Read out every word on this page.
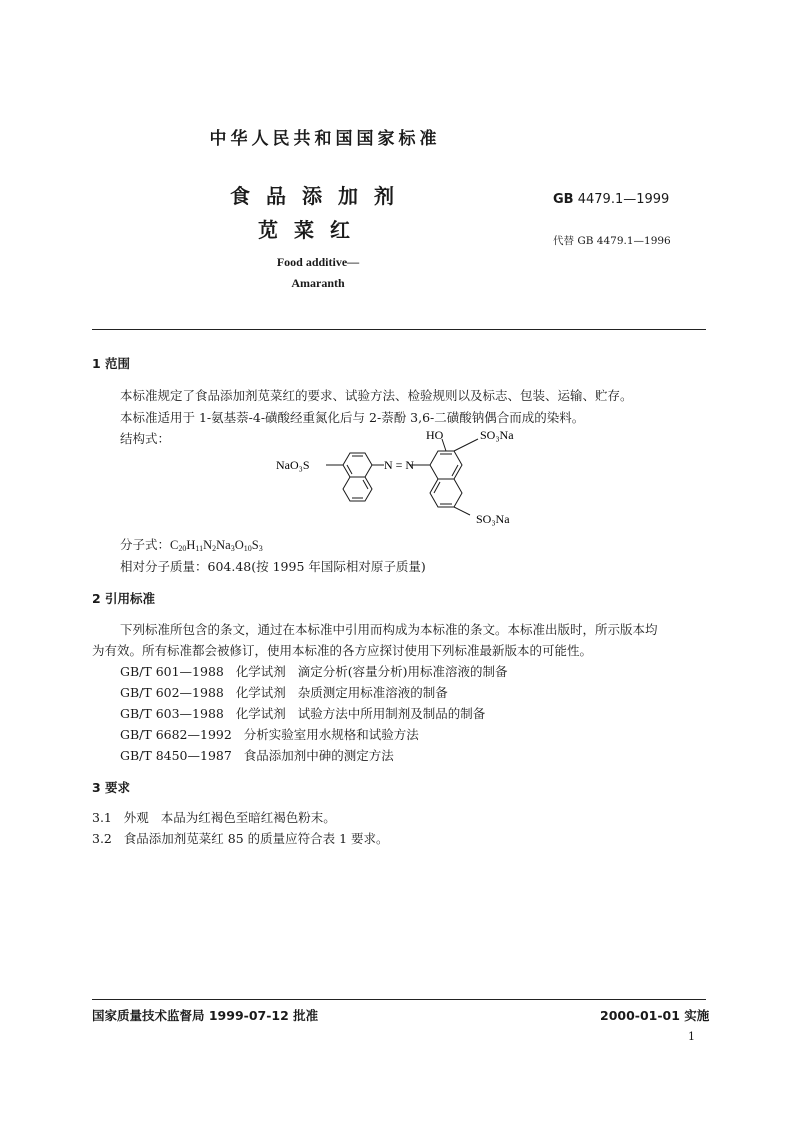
中华人民共和国国家标准
食品添加剂
苋菜红
Food additive—
Amaranth
GB 4479.1—1999
代替 GB 4479.1—1996
1 范围
本标准规定了食品添加剂苋菜红的要求、试验方法、检验规则以及标志、包装、运输、贮存。
本标准适用于 1-氨基萘-4-磺酸经重氮化后与 2-萘酚 3,6-二磺酸钠偶合而成的染料。
结构式：
NaO₃S	N = N
HO	SO₃Na
SO₃Na
分子式：$C_{20}H_{11}N_2Na_3O_{10}S_3$
相对分子质量：604.48(按 1995 年国际相对原子质量)
2 引用标准
下列标准所包含的条文，通过在本标准中引用而构成为本标准的条文。本标准出版时，所示版本均
为有效。所有标准都会被修订，使用本标准的各方应探讨使用下列标准最新版本的可能性。
GB/T 601—1988   化学试剂   滴定分析(容量分析)用标准溶液的制备
GB/T 602—1988   化学试剂   杂质测定用标准溶液的制备
GB/T 603—1988   化学试剂   试验方法中所用制剂及制品的制备
GB/T 6682—1992   分析实验室用水规格和试验方法
GB/T 8450—1987   食品添加剂中砷的测定方法
3 要求
3.1   外观   本品为红褐色至暗红褐色粉末。
3.2   食品添加剂苋菜红 85 的质量应符合表 1 要求。
国家质量技术监督局 1999-07-12 批准	2000-01-01 实施
1
